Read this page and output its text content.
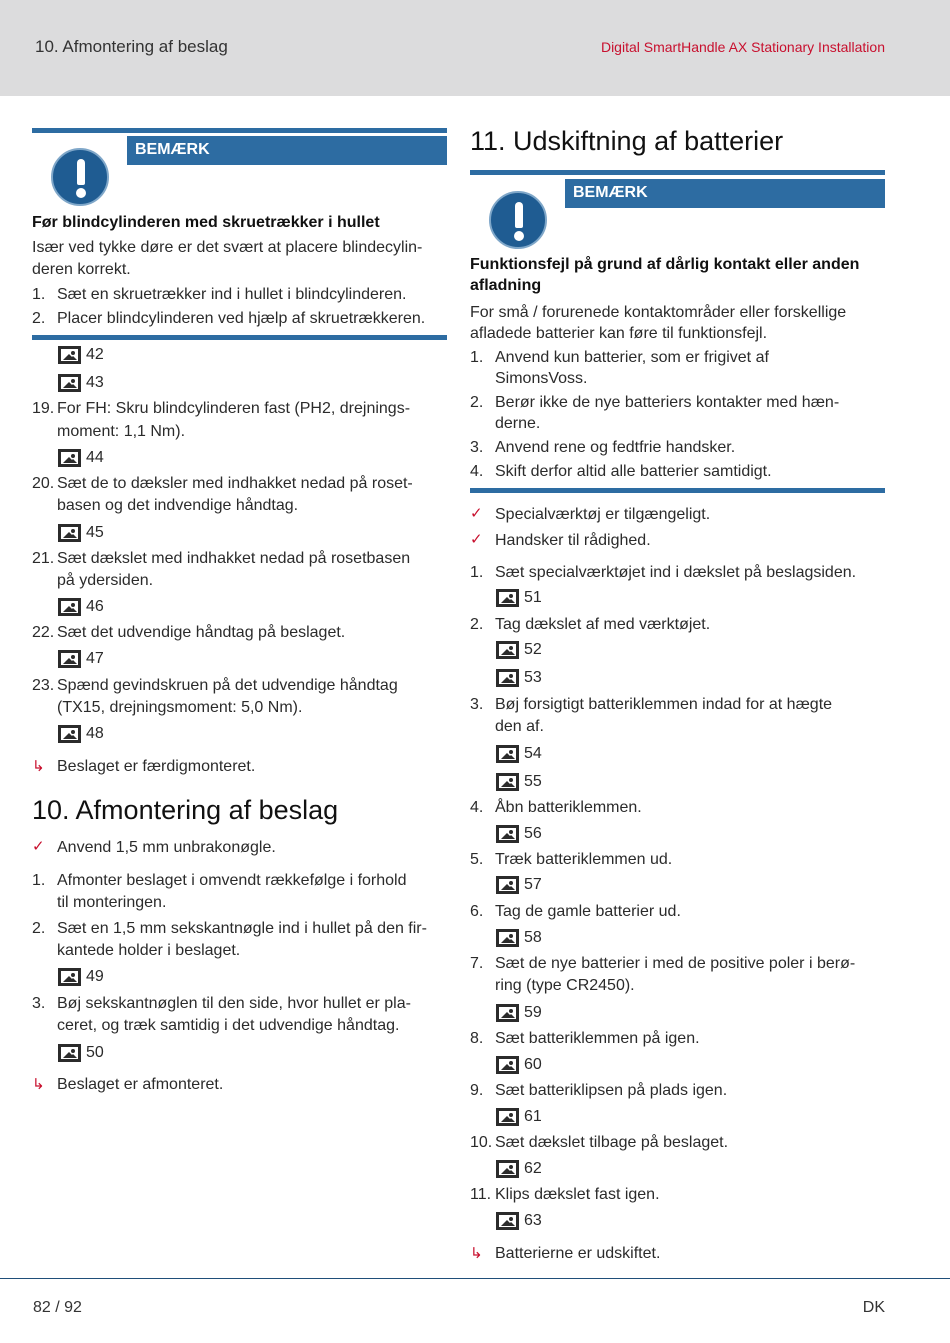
10. Afmontering af beslag	Digital SmartHandle AX Stationary Installation
BEMÆRK
Før blindcylinderen med skruetrækker i hullet
Især ved tykke døre er det svært at placere blindecylin-
deren korrekt.
1. Sæt en skruetrækker ind i hullet i blindcylinderen.
2. Placer blindcylinderen ved hjælp af skruetrækkeren.
42
43
19. For FH: Skru blindcylinderen fast (PH2, drejnings-
moment: 1,1 Nm).
44
20. Sæt de to dæksler med indhakket nedad på roset-
basen og det indvendige håndtag.
45
21. Sæt dækslet med indhakket nedad på rosetbasen
på ydersiden.
46
22. Sæt det udvendige håndtag på beslaget.
47
23. Spænd gevindskruen på det udvendige håndtag
(TX15, drejningsmoment: 5,0 Nm).
48
↳ Beslaget er færdigmonteret.
10. Afmontering af beslag
✓ Anvend 1,5 mm unbrakonøgle.
1. Afmonter beslaget i omvendt rækkefølge i forhold
til monteringen.
2. Sæt en 1,5 mm sekskantnøgle ind i hullet på den fir-
kantede holder i beslaget.
49
3. Bøj sekskantnøglen til den side, hvor hullet er pla-
ceret, og træk samtidig i det udvendige håndtag.
50
↳ Beslaget er afmonteret.
11. Udskiftning af batterier
BEMÆRK
Funktionsfejl på grund af dårlig kontakt eller anden
afladning
For små / forurenede kontaktområder eller forskellige
afladede batterier kan føre til funktionsfejl.
1. Anvend kun batterier, som er frigivet af
SimonsVoss.
2. Berør ikke de nye batteriers kontakter med hæn-
derne.
3. Anvend rene og fedtfrie handsker.
4. Skift derfor altid alle batterier samtidigt.
✓ Specialværktøj er tilgængeligt.
✓ Handsker til rådighed.
1. Sæt specialværktøjet ind i dækslet på beslagsiden.
51
2. Tag dækslet af med værktøjet.
52
53
3. Bøj forsigtigt batteriklemmen indad for at hægte
den af.
54
55
4. Åbn batteriklemmen.
56
5. Træk batteriklemmen ud.
57
6. Tag de gamle batterier ud.
58
7. Sæt de nye batterier i med de positive poler i berø-
ring (type CR2450).
59
8. Sæt batteriklemmen på igen.
60
9. Sæt batteriklipsen på plads igen.
61
10. Sæt dækslet tilbage på beslaget.
62
11. Klips dækslet fast igen.
63
↳ Batterierne er udskiftet.
82 / 92	DK
